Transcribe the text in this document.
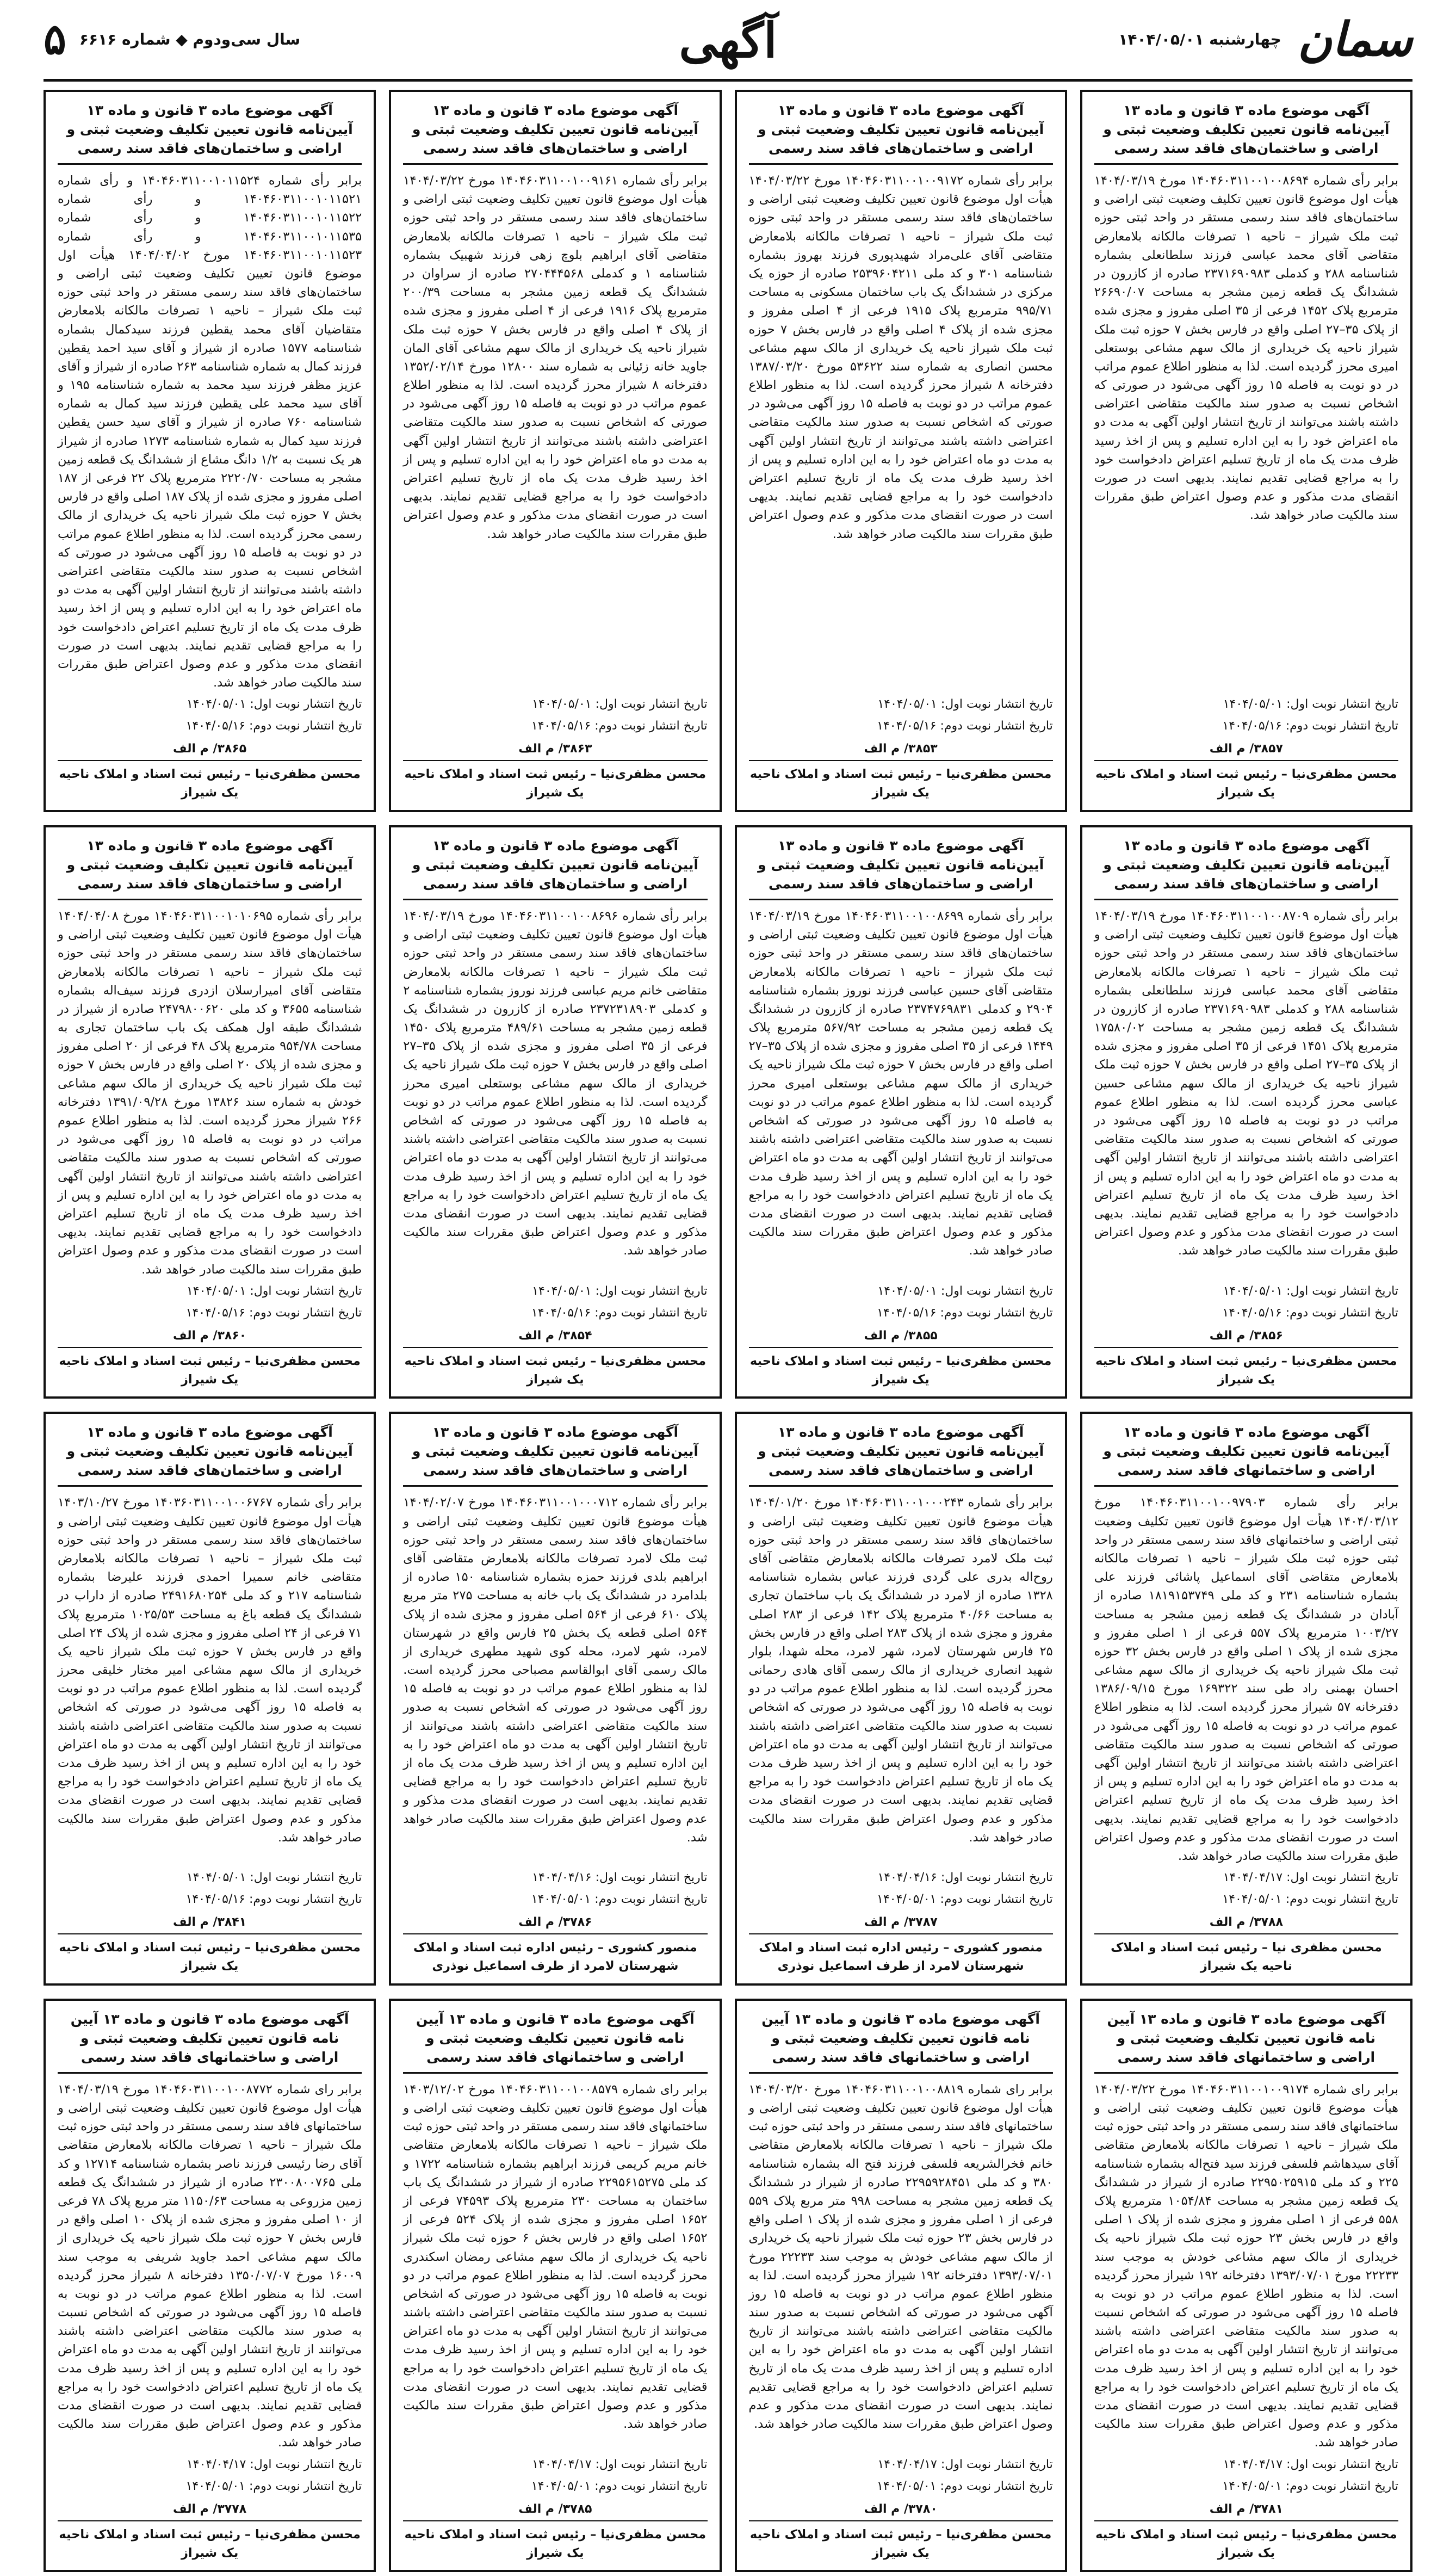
سمان
چهارشنبه ۱۴۰۴/۰۵/۰۱
آگهی
سال سی‌ودوم ◆ شماره ۶۶۱۶
۵
آگهی موضوع ماده ۳ قانون و ماده ۱۳ آیین‌نامه قانون تعیین تکلیف وضعیت ثبتی و اراضی و ساختمان‌های فاقد سند رسمی
برابر رأی شماره ۱۴۰۴۶۰۳۱۱۰۰۱۰۰۸۶۹۴ مورخ ۱۴۰۴/۰۳/۱۹ هیأت اول موضوع قانون تعیین تکلیف وضعیت ثبتی اراضی و ساختمان‌های فاقد سند رسمی مستقر در واحد ثبتی حوزه ثبت ملک شیراز – ناحیه ۱ تصرفات مالکانه بلامعارض متقاضی آقای محمد عباسی فرزند سلطانعلی بشماره شناسنامه ۲۸۸ و کدملی ۲۳۷۱۶۹۰۹۸۳ صادره از کازرون در ششدانگ یک قطعه زمین مشجر به مساحت ۲۶۶۹۰/۰۷ مترمربع پلاک ۱۴۵۲ فرعی از ۳۵ اصلی مفروز و مجزی شده از پلاک ۳۵–۲۷ اصلی واقع در فارس بخش ۷ حوزه ثبت ملک شیراز ناحیه یک خریداری از مالک سهم مشاعی بوستعلی امیری محرز گردیده است. لذا به منظور اطلاع عموم مراتب در دو نوبت به فاصله ۱۵ روز آگهی می‌شود در صورتی که اشخاص نسبت به صدور سند مالکیت متقاضی اعتراضی داشته باشند می‌توانند از تاریخ انتشار اولین آگهی به مدت دو ماه اعتراض خود را به این اداره تسلیم و پس از اخذ رسید ظرف مدت یک ماه از تاریخ تسلیم اعتراض دادخواست خود را به مراجع قضایی تقدیم نمایند. بدیهی است در صورت انقضای مدت مذکور و عدم وصول اعتراض طبق مقررات سند مالکیت صادر خواهد شد.
تاریخ انتشار نوبت اول: ۱۴۰۴/۰۵/۰۱
تاریخ انتشار نوبت دوم: ۱۴۰۴/۰۵/۱۶
۳۸۵۷/ م الف
محسن مظفری‌نیا – رئیس ثبت اسناد و املاک ناحیه یک شیراز
آگهی موضوع ماده ۳ قانون و ماده ۱۳ آیین‌نامه قانون تعیین تکلیف وضعیت ثبتی و اراضی و ساختمان‌های فاقد سند رسمی
برابر رأی شماره ۱۴۰۴۶۰۳۱۱۰۰۱۰۰۹۱۷۲ مورخ ۱۴۰۴/۰۳/۲۲ هیأت اول موضوع قانون تعیین تکلیف وضعیت ثبتی اراضی و ساختمان‌های فاقد سند رسمی مستقر در واحد ثبتی حوزه ثبت ملک شیراز – ناحیه ۱ تصرفات مالکانه بلامعارض متقاضی آقای علی‌مراد شهیدپوری فرزند بهروز بشماره شناسنامه ۳۰۱ و کد ملی ۲۵۳۹۶۰۴۲۱۱ صادره از حوزه یک مرکزی در ششدانگ یک باب ساختمان مسکونی به مساحت ۹۹۵/۷۱ مترمربع پلاک ۱۹۱۵ فرعی از ۴ اصلی مفروز و مجزی شده از پلاک ۴ اصلی واقع در فارس بخش ۷ حوزه ثبت ملک شیراز ناحیه یک خریداری از مالک سهم مشاعی محسن انصاری به شماره سند ۵۳۶۲۲ مورخ ۱۳۸۷/۰۳/۲۰ دفترخانه ۸ شیراز محرز گردیده است. لذا به منظور اطلاع عموم مراتب در دو نوبت به فاصله ۱۵ روز آگهی می‌شود در صورتی که اشخاص نسبت به صدور سند مالکیت متقاضی اعتراضی داشته باشند می‌توانند از تاریخ انتشار اولین آگهی به مدت دو ماه اعتراض خود را به این اداره تسلیم و پس از اخذ رسید ظرف مدت یک ماه از تاریخ تسلیم اعتراض دادخواست خود را به مراجع قضایی تقدیم نمایند. بدیهی است در صورت انقضای مدت مذکور و عدم وصول اعتراض طبق مقررات سند مالکیت صادر خواهد شد.
تاریخ انتشار نوبت اول: ۱۴۰۴/۰۵/۰۱
تاریخ انتشار نوبت دوم: ۱۴۰۴/۰۵/۱۶
۳۸۵۳/ م الف
محسن مظفری‌نیا – رئیس ثبت اسناد و املاک ناحیه یک شیراز
آگهی موضوع ماده ۳ قانون و ماده ۱۳ آیین‌نامه قانون تعیین تکلیف وضعیت ثبتی و اراضی و ساختمان‌های فاقد سند رسمی
برابر رأی شماره ۱۴۰۴۶۰۳۱۱۰۰۱۰۰۹۱۶۱ مورخ ۱۴۰۴/۰۳/۲۲ هیأت اول موضوع قانون تعیین تکلیف وضعیت ثبتی اراضی و ساختمان‌های فاقد سند رسمی مستقر در واحد ثبتی حوزه ثبت ملک شیراز – ناحیه ۱ تصرفات مالکانه بلامعارض متقاضی آقای ابراهیم بلوچ زهی فرزند شهبیک بشماره شناسنامه ۱ و کدملی ۲۷۰۴۴۴۵۶۸ صادره از سراوان در ششدانگ یک قطعه زمین مشجر به مساحت ۲۰۰/۳۹ مترمربع پلاک ۱۹۱۶ فرعی از ۴ اصلی مفروز و مجزی شده از پلاک ۴ اصلی واقع در فارس بخش ۷ حوزه ثبت ملک شیراز ناحیه یک خریداری از مالک سهم مشاعی آقای المان جاوید خانه زئیانی به شماره سند ۱۲۸۰۰ مورخ ۱۳۵۲/۰۲/۱۴ دفترخانه ۸ شیراز محرز گردیده است. لذا به منظور اطلاع عموم مراتب در دو نوبت به فاصله ۱۵ روز آگهی می‌شود در صورتی که اشخاص نسبت به صدور سند مالکیت متقاضی اعتراضی داشته باشند می‌توانند از تاریخ انتشار اولین آگهی به مدت دو ماه اعتراض خود را به این اداره تسلیم و پس از اخذ رسید ظرف مدت یک ماه از تاریخ تسلیم اعتراض دادخواست خود را به مراجع قضایی تقدیم نمایند. بدیهی است در صورت انقضای مدت مذکور و عدم وصول اعتراض طبق مقررات سند مالکیت صادر خواهد شد.
تاریخ انتشار نوبت اول: ۱۴۰۴/۰۵/۰۱
تاریخ انتشار نوبت دوم: ۱۴۰۴/۰۵/۱۶
۳۸۶۳/ م الف
محسن مظفری‌نیا – رئیس ثبت اسناد و املاک ناحیه یک شیراز
آگهی موضوع ماده ۳ قانون و ماده ۱۳ آیین‌نامه قانون تعیین تکلیف وضعیت ثبتی و اراضی و ساختمان‌های فاقد سند رسمی
برابر رأی شماره ۱۴۰۴۶۰۳۱۱۰۰۱۰۱۱۵۲۴ و رأی شماره ۱۴۰۴۶۰۳۱۱۰۰۱۰۱۱۵۲۱ و رأی شماره ۱۴۰۴۶۰۳۱۱۰۰۱۰۱۱۵۲۲ و رأی شماره ۱۴۰۴۶۰۳۱۱۰۰۱۰۱۱۵۳۵ و رأی شماره ۱۴۰۴۶۰۳۱۱۰۰۱۰۱۱۵۲۳ مورخ ۱۴۰۴/۰۴/۰۲ هیأت اول موضوع قانون تعیین تکلیف وضعیت ثبتی اراضی و ساختمان‌های فاقد سند رسمی مستقر در واحد ثبتی حوزه ثبت ملک شیراز – ناحیه ۱ تصرفات مالکانه بلامعارض متقاضیان آقای محمد یقطین فرزند سیدکمال بشماره شناسنامه ۱۵۷۷ صادره از شیراز و آقای سید احمد یقطین فرزند کمال به شماره شناسنامه ۲۶۳ صادره از شیراز و آقای عزیز مظفر فرزند سید محمد به شماره شناسنامه ۱۹۵ و آقای سید محمد علی یقطین فرزند سید کمال به شماره شناسنامه ۷۶۰ صادره از شیراز و آقای سید حسن یقطین فرزند سید کمال به شماره شناسنامه ۱۲۷۳ صادره از شیراز هر یک نسبت به ۱/۲ دانگ مشاع از ششدانگ یک قطعه زمین مشجر به مساحت ۲۲۲۰/۷۰ مترمربع پلاک ۲۲ فرعی از ۱۸۷ اصلی مفروز و مجزی شده از پلاک ۱۸۷ اصلی واقع در فارس بخش ۷ حوزه ثبت ملک شیراز ناحیه یک خریداری از مالک رسمی محرز گردیده است. لذا به منظور اطلاع عموم مراتب در دو نوبت به فاصله ۱۵ روز آگهی می‌شود در صورتی که اشخاص نسبت به صدور سند مالکیت متقاضی اعتراضی داشته باشند می‌توانند از تاریخ انتشار اولین آگهی به مدت دو ماه اعتراض خود را به این اداره تسلیم و پس از اخذ رسید ظرف مدت یک ماه از تاریخ تسلیم اعتراض دادخواست خود را به مراجع قضایی تقدیم نمایند. بدیهی است در صورت انقضای مدت مذکور و عدم وصول اعتراض طبق مقررات سند مالکیت صادر خواهد شد.
تاریخ انتشار نوبت اول: ۱۴۰۴/۰۵/۰۱
تاریخ انتشار نوبت دوم: ۱۴۰۴/۰۵/۱۶
۳۸۶۵/ م الف
محسن مظفری‌نیا – رئیس ثبت اسناد و املاک ناحیه یک شیراز
آگهی موضوع ماده ۳ قانون و ماده ۱۳ آیین‌نامه قانون تعیین تکلیف وضعیت ثبتی و اراضی و ساختمان‌های فاقد سند رسمی
برابر رأی شماره ۱۴۰۴۶۰۳۱۱۰۰۱۰۰۸۷۰۹ مورخ ۱۴۰۴/۰۳/۱۹ هیأت اول موضوع قانون تعیین تکلیف وضعیت ثبتی اراضی و ساختمان‌های فاقد سند رسمی مستقر در واحد ثبتی حوزه ثبت ملک شیراز – ناحیه ۱ تصرفات مالکانه بلامعارض متقاضی آقای محمد عباسی فرزند سلطانعلی بشماره شناسنامه ۲۸۸ و کدملی ۲۳۷۱۶۹۰۹۸۳ صادره از کازرون در ششدانگ یک قطعه زمین مشجر به مساحت ۱۷۵۸۰/۰۲ مترمربع پلاک ۱۴۵۱ فرعی از ۳۵ اصلی مفروز و مجزی شده از پلاک ۳۵–۲۷ اصلی واقع در فارس بخش ۷ حوزه ثبت ملک شیراز ناحیه یک خریداری از مالک سهم مشاعی حسین عباسی محرز گردیده است. لذا به منظور اطلاع عموم مراتب در دو نوبت به فاصله ۱۵ روز آگهی می‌شود در صورتی که اشخاص نسبت به صدور سند مالکیت متقاضی اعتراضی داشته باشند می‌توانند از تاریخ انتشار اولین آگهی به مدت دو ماه اعتراض خود را به این اداره تسلیم و پس از اخذ رسید ظرف مدت یک ماه از تاریخ تسلیم اعتراض دادخواست خود را به مراجع قضایی تقدیم نمایند. بدیهی است در صورت انقضای مدت مذکور و عدم وصول اعتراض طبق مقررات سند مالکیت صادر خواهد شد.
تاریخ انتشار نوبت اول: ۱۴۰۴/۰۵/۰۱
تاریخ انتشار نوبت دوم: ۱۴۰۴/۰۵/۱۶
۳۸۵۶/ م الف
محسن مظفری‌نیا – رئیس ثبت اسناد و املاک ناحیه یک شیراز
آگهی موضوع ماده ۳ قانون و ماده ۱۳ آیین‌نامه قانون تعیین تکلیف وضعیت ثبتی و اراضی و ساختمان‌های فاقد سند رسمی
برابر رأی شماره ۱۴۰۴۶۰۳۱۱۰۰۱۰۰۸۶۹۹ مورخ ۱۴۰۴/۰۳/۱۹ هیأت اول موضوع قانون تعیین تکلیف وضعیت ثبتی اراضی و ساختمان‌های فاقد سند رسمی مستقر در واحد ثبتی حوزه ثبت ملک شیراز – ناحیه ۱ تصرفات مالکانه بلامعارض متقاضی آقای حسین عباسی فرزند نوروز بشماره شناسنامه ۲۹۰۴ و کدملی ۲۳۷۴۷۶۹۸۳۱ صادره از کازرون در ششدانگ یک قطعه زمین مشجر به مساحت ۵۶۷/۹۲ مترمربع پلاک ۱۴۴۹ فرعی از ۳۵ اصلی مفروز و مجزی شده از پلاک ۳۵–۲۷ اصلی واقع در فارس بخش ۷ حوزه ثبت ملک شیراز ناحیه یک خریداری از مالک سهم مشاعی بوستعلی امیری محرز گردیده است. لذا به منظور اطلاع عموم مراتب در دو نوبت به فاصله ۱۵ روز آگهی می‌شود در صورتی که اشخاص نسبت به صدور سند مالکیت متقاضی اعتراضی داشته باشند می‌توانند از تاریخ انتشار اولین آگهی به مدت دو ماه اعتراض خود را به این اداره تسلیم و پس از اخذ رسید ظرف مدت یک ماه از تاریخ تسلیم اعتراض دادخواست خود را به مراجع قضایی تقدیم نمایند. بدیهی است در صورت انقضای مدت مذکور و عدم وصول اعتراض طبق مقررات سند مالکیت صادر خواهد شد.
تاریخ انتشار نوبت اول: ۱۴۰۴/۰۵/۰۱
تاریخ انتشار نوبت دوم: ۱۴۰۴/۰۵/۱۶
۳۸۵۵/ م الف
محسن مظفری‌نیا – رئیس ثبت اسناد و املاک ناحیه یک شیراز
آگهی موضوع ماده ۳ قانون و ماده ۱۳ آیین‌نامه قانون تعیین تکلیف وضعیت ثبتی و اراضی و ساختمان‌های فاقد سند رسمی
برابر رأی شماره ۱۴۰۴۶۰۳۱۱۰۰۱۰۰۸۶۹۶ مورخ ۱۴۰۴/۰۳/۱۹ هیأت اول موضوع قانون تعیین تکلیف وضعیت ثبتی اراضی و ساختمان‌های فاقد سند رسمی مستقر در واحد ثبتی حوزه ثبت ملک شیراز – ناحیه ۱ تصرفات مالکانه بلامعارض متقاضی خانم مریم عباسی فرزند نوروز بشماره شناسنامه ۲ و کدملی ۲۳۷۲۳۱۸۹۰۳ صادره از کازرون در ششدانگ یک قطعه زمین مشجر به مساحت ۴۸۹/۶۱ مترمربع پلاک ۱۴۵۰ فرعی از ۳۵ اصلی مفروز و مجزی شده از پلاک ۳۵–۲۷ اصلی واقع در فارس بخش ۷ حوزه ثبت ملک شیراز ناحیه یک خریداری از مالک سهم مشاعی بوستعلی امیری محرز گردیده است. لذا به منظور اطلاع عموم مراتب در دو نوبت به فاصله ۱۵ روز آگهی می‌شود در صورتی که اشخاص نسبت به صدور سند مالکیت متقاضی اعتراضی داشته باشند می‌توانند از تاریخ انتشار اولین آگهی به مدت دو ماه اعتراض خود را به این اداره تسلیم و پس از اخذ رسید ظرف مدت یک ماه از تاریخ تسلیم اعتراض دادخواست خود را به مراجع قضایی تقدیم نمایند. بدیهی است در صورت انقضای مدت مذکور و عدم وصول اعتراض طبق مقررات سند مالکیت صادر خواهد شد.
تاریخ انتشار نوبت اول: ۱۴۰۴/۰۵/۰۱
تاریخ انتشار نوبت دوم: ۱۴۰۴/۰۵/۱۶
۳۸۵۴/ م الف
محسن مظفری‌نیا – رئیس ثبت اسناد و املاک ناحیه یک شیراز
آگهی موضوع ماده ۳ قانون و ماده ۱۳ آیین‌نامه قانون تعیین تکلیف وضعیت ثبتی و اراضی و ساختمان‌های فاقد سند رسمی
برابر رأی شماره ۱۴۰۴۶۰۳۱۱۰۰۱۰۱۰۶۹۵ مورخ ۱۴۰۴/۰۴/۰۸ هیأت اول موضوع قانون تعیین تکلیف وضعیت ثبتی اراضی و ساختمان‌های فاقد سند رسمی مستقر در واحد ثبتی حوزه ثبت ملک شیراز – ناحیه ۱ تصرفات مالکانه بلامعارض متقاضی آقای امیرارسلان ازدری فرزند سیف‌اله بشماره شناسنامه ۳۶۵۵ و کد ملی ۲۴۷۹۸۰۰۶۲۰ صادره از شیراز در ششدانگ طبقه اول همکف یک باب ساختمان تجاری به مساحت ۹۵۴/۷۸ مترمربع پلاک ۴۸ فرعی از ۲۰ اصلی مفروز و مجزی شده از پلاک ۲۰ اصلی واقع در فارس بخش ۷ حوزه ثبت ملک شیراز ناحیه یک خریداری از مالک سهم مشاعی خودش به شماره سند ۱۳۸۲۶ مورخ ۱۳۹۱/۰۹/۲۸ دفترخانه ۲۶۶ شیراز محرز گردیده است. لذا به منظور اطلاع عموم مراتب در دو نوبت به فاصله ۱۵ روز آگهی می‌شود در صورتی که اشخاص نسبت به صدور سند مالکیت متقاضی اعتراضی داشته باشند می‌توانند از تاریخ انتشار اولین آگهی به مدت دو ماه اعتراض خود را به این اداره تسلیم و پس از اخذ رسید ظرف مدت یک ماه از تاریخ تسلیم اعتراض دادخواست خود را به مراجع قضایی تقدیم نمایند. بدیهی است در صورت انقضای مدت مذکور و عدم وصول اعتراض طبق مقررات سند مالکیت صادر خواهد شد.
تاریخ انتشار نوبت اول: ۱۴۰۴/۰۵/۰۱
تاریخ انتشار نوبت دوم: ۱۴۰۴/۰۵/۱۶
۳۸۶۰/ م الف
محسن مظفری‌نیا – رئیس ثبت اسناد و املاک ناحیه یک شیراز
آگهی موضوع ماده ۳ قانون و ماده ۱۳ آیین‌نامه قانون تعیین تکلیف وضعیت ثبتی و اراضی و ساختمانهای فاقد سند رسمی
برابر رأی شماره ۱۴۰۴۶۰۳۱۱۰۰۱۰۰۹۷۹۰۳ مورخ ۱۴۰۴/۰۳/۱۲ هیأت اول موضوع قانون تعیین تکلیف وضعیت ثبتی اراضی و ساختمانهای فاقد سند رسمی مستقر در واحد ثبتی حوزه ثبت ملک شیراز – ناحیه ۱ تصرفات مالکانه بلامعارض متقاضی آقای اسماعیل پاشائی فرزند علی بشماره شناسنامه ۲۳۱ و کد ملی ۱۸۱۹۱۵۳۷۴۹ صادره از آبادان در ششدانگ یک قطعه زمین مشجر به مساحت ۱۰۰۳/۲۷ مترمربع پلاک ۵۵۷ فرعی از ۱ اصلی مفروز و مجزی شده از پلاک ۱ اصلی واقع در فارس بخش ۳۲ حوزه ثبت ملک شیراز ناحیه یک خریداری از مالک سهم مشاعی احسان بهمنی راد طی سند ۱۶۹۳۲۲ مورخ ۱۳۸۶/۰۹/۱۵ دفترخانه ۵۷ شیراز محرز گردیده است. لذا به منظور اطلاع عموم مراتب در دو نوبت به فاصله ۱۵ روز آگهی می‌شود در صورتی که اشخاص نسبت به صدور سند مالکیت متقاضی اعتراضی داشته باشند می‌توانند از تاریخ انتشار اولین آگهی به مدت دو ماه اعتراض خود را به این اداره تسلیم و پس از اخذ رسید ظرف مدت یک ماه از تاریخ تسلیم اعتراض دادخواست خود را به مراجع قضایی تقدیم نمایند. بدیهی است در صورت انقضای مدت مذکور و عدم وصول اعتراض طبق مقررات سند مالکیت صادر خواهد شد.
تاریخ انتشار نوبت اول: ۱۴۰۴/۰۴/۱۷
تاریخ انتشار نوبت دوم: ۱۴۰۴/۰۵/۰۱
۳۷۸۸/ م الف
محسن مظفری نیا – رئیس ثبت اسناد و املاک ناحیه یک شیراز
آگهی موضوع ماده ۳ قانون و ماده ۱۳ آیین‌نامه قانون تعیین تکلیف وضعیت ثبتی و اراضی و ساختمان‌های فاقد سند رسمی
برابر رأی شماره ۱۴۰۴۶۰۳۱۱۰۰۱۰۰۰۲۴۳ مورخ ۱۴۰۴/۰۱/۲۰ هیأت موضوع قانون تعیین تکلیف وضعیت ثبتی اراضی و ساختمان‌های فاقد سند رسمی مستقر در واحد ثبتی حوزه ثبت ملک لامرد تصرفات مالکانه بلامعارض متقاضی آقای روح‌اله بدری علی گردی فرزند عباس بشماره شناسنامه ۱۳۲۸ صادره از لامرد در ششدانگ یک باب ساختمان تجاری به مساحت ۴۰/۶۶ مترمربع پلاک ۱۴۲ فرعی از ۲۸۳ اصلی مفروز و مجزی شده از پلاک ۲۸۳ اصلی واقع در فارس بخش ۲۵ فارس شهرستان لامرد، شهر لامرد، محله شهدا، بلوار شهید انصاری خریداری از مالک رسمی آقای هادی رحمانی محرز گردیده است. لذا به منظور اطلاع عموم مراتب در دو نوبت به فاصله ۱۵ روز آگهی می‌شود در صورتی که اشخاص نسبت به صدور سند مالکیت متقاضی اعتراضی داشته باشند می‌توانند از تاریخ انتشار اولین آگهی به مدت دو ماه اعتراض خود را به این اداره تسلیم و پس از اخذ رسید ظرف مدت یک ماه از تاریخ تسلیم اعتراض دادخواست خود را به مراجع قضایی تقدیم نمایند. بدیهی است در صورت انقضای مدت مذکور و عدم وصول اعتراض طبق مقررات سند مالکیت صادر خواهد شد.
تاریخ انتشار نوبت اول: ۱۴۰۴/۰۴/۱۶
تاریخ انتشار نوبت دوم: ۱۴۰۴/۰۵/۰۱
۳۷۸۷/ م الف
منصور کشوری – رئیس اداره ثبت اسناد و املاک شهرستان لامرد از طرف اسماعیل نوذری
آگهی موضوع ماده ۳ قانون و ماده ۱۳ آیین‌نامه قانون تعیین تکلیف وضعیت ثبتی و اراضی و ساختمان‌های فاقد سند رسمی
برابر رأی شماره ۱۴۰۴۶۰۳۱۱۰۰۱۰۰۰۷۱۲ مورخ ۱۴۰۴/۰۲/۰۷ هیأت موضوع قانون تعیین تکلیف وضعیت ثبتی اراضی و ساختمان‌های فاقد سند رسمی مستقر در واحد ثبتی حوزه ثبت ملک لامرد تصرفات مالکانه بلامعارض متقاضی آقای ابراهیم بلدی فرزند حمزه بشماره شناسنامه ۱۵۰ صادره از بلدامرد در ششدانگ یک باب خانه به مساحت ۲۷۵ متر مربع پلاک ۶۱۰ فرعی از ۵۶۴ اصلی مفروز و مجزی شده از پلاک ۵۶۴ اصلی قطعه یک بخش ۲۵ فارس واقع در شهرستان لامرد، شهر لامرد، محله کوی شهید مطهری خریداری از مالک رسمی آقای ابوالقاسم مصباحی محرز گردیده است. لذا به منظور اطلاع عموم مراتب در دو نوبت به فاصله ۱۵ روز آگهی می‌شود در صورتی که اشخاص نسبت به صدور سند مالکیت متقاضی اعتراضی داشته باشند می‌توانند از تاریخ انتشار اولین آگهی به مدت دو ماه اعتراض خود را به این اداره تسلیم و پس از اخذ رسید ظرف مدت یک ماه از تاریخ تسلیم اعتراض دادخواست خود را به مراجع قضایی تقدیم نمایند. بدیهی است در صورت انقضای مدت مذکور و عدم وصول اعتراض طبق مقررات سند مالکیت صادر خواهد شد.
تاریخ انتشار نوبت اول: ۱۴۰۴/۰۴/۱۶
تاریخ انتشار نوبت دوم: ۱۴۰۴/۰۵/۰۱
۳۷۸۶/ م الف
منصور کشوری – رئیس اداره ثبت اسناد و املاک شهرستان لامرد از طرف اسماعیل نوذری
آگهی موضوع ماده ۳ قانون و ماده ۱۳ آیین‌نامه قانون تعیین تکلیف وضعیت ثبتی و اراضی و ساختمان‌های فاقد سند رسمی
برابر رأی شماره ۱۴۰۳۶۰۳۱۱۰۰۱۰۰۶۷۶۷ مورخ ۱۴۰۳/۱۰/۲۷ هیأت اول موضوع قانون تعیین تکلیف وضعیت ثبتی اراضی و ساختمان‌های فاقد سند رسمی مستقر در واحد ثبتی حوزه ثبت ملک شیراز – ناحیه ۱ تصرفات مالکانه بلامعارض متقاضی خانم سمیرا احمدی فرزند علیرضا بشماره شناسنامه ۲۱۷ و کد ملی ۲۴۹۱۶۸۰۲۵۴ صادره از داراب در ششدانگ یک قطعه باغ به مساحت ۱۰۲۵/۵۳ مترمربع پلاک ۷۱ فرعی از ۲۴ اصلی مفروز و مجزی شده از پلاک ۲۴ اصلی واقع در فارس بخش ۷ حوزه ثبت ملک شیراز ناحیه یک خریداری از مالک سهم مشاعی امیر مختار خلیقی محرز گردیده است. لذا به منظور اطلاع عموم مراتب در دو نوبت به فاصله ۱۵ روز آگهی می‌شود در صورتی که اشخاص نسبت به صدور سند مالکیت متقاضی اعتراضی داشته باشند می‌توانند از تاریخ انتشار اولین آگهی به مدت دو ماه اعتراض خود را به این اداره تسلیم و پس از اخذ رسید ظرف مدت یک ماه از تاریخ تسلیم اعتراض دادخواست خود را به مراجع قضایی تقدیم نمایند. بدیهی است در صورت انقضای مدت مذکور و عدم وصول اعتراض طبق مقررات سند مالکیت صادر خواهد شد.
تاریخ انتشار نوبت اول: ۱۴۰۴/۰۵/۰۱
تاریخ انتشار نوبت دوم: ۱۴۰۴/۰۵/۱۶
۳۸۴۱/ م الف
محسن مظفری‌نیا – رئیس ثبت اسناد و املاک ناحیه یک شیراز
آگهی موضوع ماده ۳ قانون و ماده ۱۳ آیین نامه قانون تعیین تکلیف وضعیت ثبتی و اراضی و ساختمانهای فاقد سند رسمی
برابر رای شماره ۱۴۰۴۶۰۳۱۱۰۰۱۰۰۹۱۷۴ مورخ ۱۴۰۴/۰۳/۲۲ هیأت موضوع قانون تعیین تکلیف وضعیت ثبتی اراضی و ساختمانهای فاقد سند رسمی مستقر در واحد ثبتی حوزه ثبت ملک شیراز – ناحیه ۱ تصرفات مالکانه بلامعارض متقاضی آقای سیدهاشم فلسفی فرزند سید فتح‌اله بشماره شناسنامه ۲۲۵ و کد ملی ۲۲۹۵۰۲۵۹۱۵ صادره از شیراز در ششدانگ یک قطعه زمین مشجر به مساحت ۱۰۵۴/۸۴ مترمربع پلاک ۵۵۸ فرعی از ۱ اصلی مفروز و مجزی شده از پلاک ۱ اصلی واقع در فارس بخش ۲۳ حوزه ثبت ملک شیراز ناحیه یک خریداری از مالک سهم مشاعی خودش به موجب سند ۲۲۲۳۳ مورخ ۱۳۹۳/۰۷/۰۱ دفترخانه ۱۹۲ شیراز محرز گردیده است. لذا به منظور اطلاع عموم مراتب در دو نوبت به فاصله ۱۵ روز آگهی می‌شود در صورتی که اشخاص نسبت به صدور سند مالکیت متقاضی اعتراضی داشته باشند می‌توانند از تاریخ انتشار اولین آگهی به مدت دو ماه اعتراض خود را به این اداره تسلیم و پس از اخذ رسید ظرف مدت یک ماه از تاریخ تسلیم اعتراض دادخواست خود را به مراجع قضایی تقدیم نمایند. بدیهی است در صورت انقضای مدت مذکور و عدم وصول اعتراض طبق مقررات سند مالکیت صادر خواهد شد.
تاریخ انتشار نوبت اول: ۱۴۰۴/۰۴/۱۷
تاریخ انتشار نوبت دوم: ۱۴۰۴/۰۵/۰۱
۳۷۸۱/ م الف
محسن مظفری‌نیا – رئیس ثبت اسناد و املاک ناحیه یک شیراز
آگهی موضوع ماده ۳ قانون و ماده ۱۳ آیین نامه قانون تعیین تکلیف وضعیت ثبتی و اراضی و ساختمانهای فاقد سند رسمی
برابر رای شماره ۱۴۰۴۶۰۳۱۱۰۰۱۰۰۸۸۱۹ مورخ ۱۴۰۴/۰۳/۲۰ هیأت اول موضوع قانون تعیین تکلیف وضعیت ثبتی اراضی و ساختمانهای فاقد سند رسمی مستقر در واحد ثبتی حوزه ثبت ملک شیراز – ناحیه ۱ تصرفات مالکانه بلامعارض متقاضی خانم فخرالشریعه فلسفی فرزند فتح اله بشماره شناسنامه ۳۸۰ و کد ملی ۲۲۹۵۹۲۸۴۵۱ صادره از شیراز در ششدانگ یک قطعه زمین مشجر به مساحت ۹۹۸ متر مربع پلاک ۵۵۹ فرعی از ۱ اصلی مفروز و مجزی شده از پلاک ۱ اصلی واقع در فارس بخش ۲۳ حوزه ثبت ملک شیراز ناحیه یک خریداری از مالک سهم مشاعی خودش به موجب سند ۲۲۲۳۳ مورخ ۱۳۹۳/۰۷/۰۱ دفترخانه ۱۹۲ شیراز محرز گردیده است. لذا به منظور اطلاع عموم مراتب در دو نوبت به فاصله ۱۵ روز آگهی می‌شود در صورتی که اشخاص نسبت به صدور سند مالکیت متقاضی اعتراضی داشته باشند می‌توانند از تاریخ انتشار اولین آگهی به مدت دو ماه اعتراض خود را به این اداره تسلیم و پس از اخذ رسید ظرف مدت یک ماه از تاریخ تسلیم اعتراض دادخواست خود را به مراجع قضایی تقدیم نمایند. بدیهی است در صورت انقضای مدت مذکور و عدم وصول اعتراض طبق مقررات سند مالکیت صادر خواهد شد.
تاریخ انتشار نوبت اول: ۱۴۰۴/۰۴/۱۷
تاریخ انتشار نوبت دوم: ۱۴۰۴/۰۵/۰۱
۳۷۸۰/ م الف
محسن مظفری‌نیا – رئیس ثبت اسناد و املاک ناحیه یک شیراز
آگهی موضوع ماده ۳ قانون و ماده ۱۳ آیین نامه قانون تعیین تکلیف وضعیت ثبتی و اراضی و ساختمانهای فاقد سند رسمی
برابر رای شماره ۱۴۰۴۶۰۳۱۱۰۰۱۰۰۸۵۷۹ مورخ ۱۴۰۳/۱۲/۰۲ هیأت اول موضوع قانون تعیین تکلیف وضعیت ثبتی اراضی و ساختمانهای فاقد سند رسمی مستقر در واحد ثبتی حوزه ثبت ملک شیراز – ناحیه ۱ تصرفات مالکانه بلامعارض متقاضی خانم مریم کریمی فرزند ابراهیم بشماره شناسنامه ۱۷۲۲ و کد ملی ۲۲۹۵۶۱۵۲۷۵ صادره از شیراز در ششدانگ یک باب ساختمان به مساحت ۲۳۰ مترمربع پلاک ۷۴۵۹۳ فرعی از ۱۶۵۲ اصلی مفروز و مجزی شده از پلاک ۵۲۴ فرعی از ۱۶۵۲ اصلی واقع در فارس بخش ۶ حوزه ثبت ملک شیراز ناحیه یک خریداری از مالک سهم مشاعی رمضان اسکندری محرز گردیده است. لذا به منظور اطلاع عموم مراتب در دو نوبت به فاصله ۱۵ روز آگهی می‌شود در صورتی که اشخاص نسبت به صدور سند مالکیت متقاضی اعتراضی داشته باشند می‌توانند از تاریخ انتشار اولین آگهی به مدت دو ماه اعتراض خود را به این اداره تسلیم و پس از اخذ رسید ظرف مدت یک ماه از تاریخ تسلیم اعتراض دادخواست خود را به مراجع قضایی تقدیم نمایند. بدیهی است در صورت انقضای مدت مذکور و عدم وصول اعتراض طبق مقررات سند مالکیت صادر خواهد شد.
تاریخ انتشار نوبت اول: ۱۴۰۴/۰۴/۱۷
تاریخ انتشار نوبت دوم: ۱۴۰۴/۰۵/۰۱
۳۷۸۵/ م الف
محسن مظفری‌نیا – رئیس ثبت اسناد و املاک ناحیه یک شیراز
آگهی موضوع ماده ۳ قانون و ماده ۱۳ آیین نامه قانون تعیین تکلیف وضعیت ثبتی و اراضی و ساختمانهای فاقد سند رسمی
برابر رای شماره ۱۴۰۴۶۰۳۱۱۰۰۱۰۰۸۷۷۲ مورخ ۱۴۰۴/۰۳/۱۹ هیأت اول موضوع قانون تعیین تکلیف وضعیت ثبتی اراضی و ساختمانهای فاقد سند رسمی مستقر در واحد ثبتی حوزه ثبت ملک شیراز – ناحیه ۱ تصرفات مالکانه بلامعارض متقاضی آقای رضا رئیسی فرزند ناصر بشماره شناسنامه ۱۲۷۱۴ و کد ملی ۲۳۰۰۸۰۰۷۶۵ صادره از شیراز در ششدانگ یک قطعه زمین مزروعی به مساحت ۱۱۵۰/۶۳ متر مربع پلاک ۷۸ فرعی از ۱۰ اصلی مفروز و مجزی شده از پلاک ۱۰ اصلی واقع در فارس بخش ۷ حوزه ثبت ملک شیراز ناحیه یک خریداری از مالک سهم مشاعی احمد جاوید شریفی به موجب سند ۱۶۰۰۹ مورخ ۱۳۵۰/۰۷/۰۷ دفترخانه ۸ شیراز محرز گردیده است. لذا به منظور اطلاع عموم مراتب در دو نوبت به فاصله ۱۵ روز آگهی می‌شود در صورتی که اشخاص نسبت به صدور سند مالکیت متقاضی اعتراضی داشته باشند می‌توانند از تاریخ انتشار اولین آگهی به مدت دو ماه اعتراض خود را به این اداره تسلیم و پس از اخذ رسید ظرف مدت یک ماه از تاریخ تسلیم اعتراض دادخواست خود را به مراجع قضایی تقدیم نمایند. بدیهی است در صورت انقضای مدت مذکور و عدم وصول اعتراض طبق مقررات سند مالکیت صادر خواهد شد.
تاریخ انتشار نوبت اول: ۱۴۰۴/۰۴/۱۷
تاریخ انتشار نوبت دوم: ۱۴۰۴/۰۵/۰۱
۳۷۷۸/ م الف
محسن مظفری‌نیا – رئیس ثبت اسناد و املاک ناحیه یک شیراز
